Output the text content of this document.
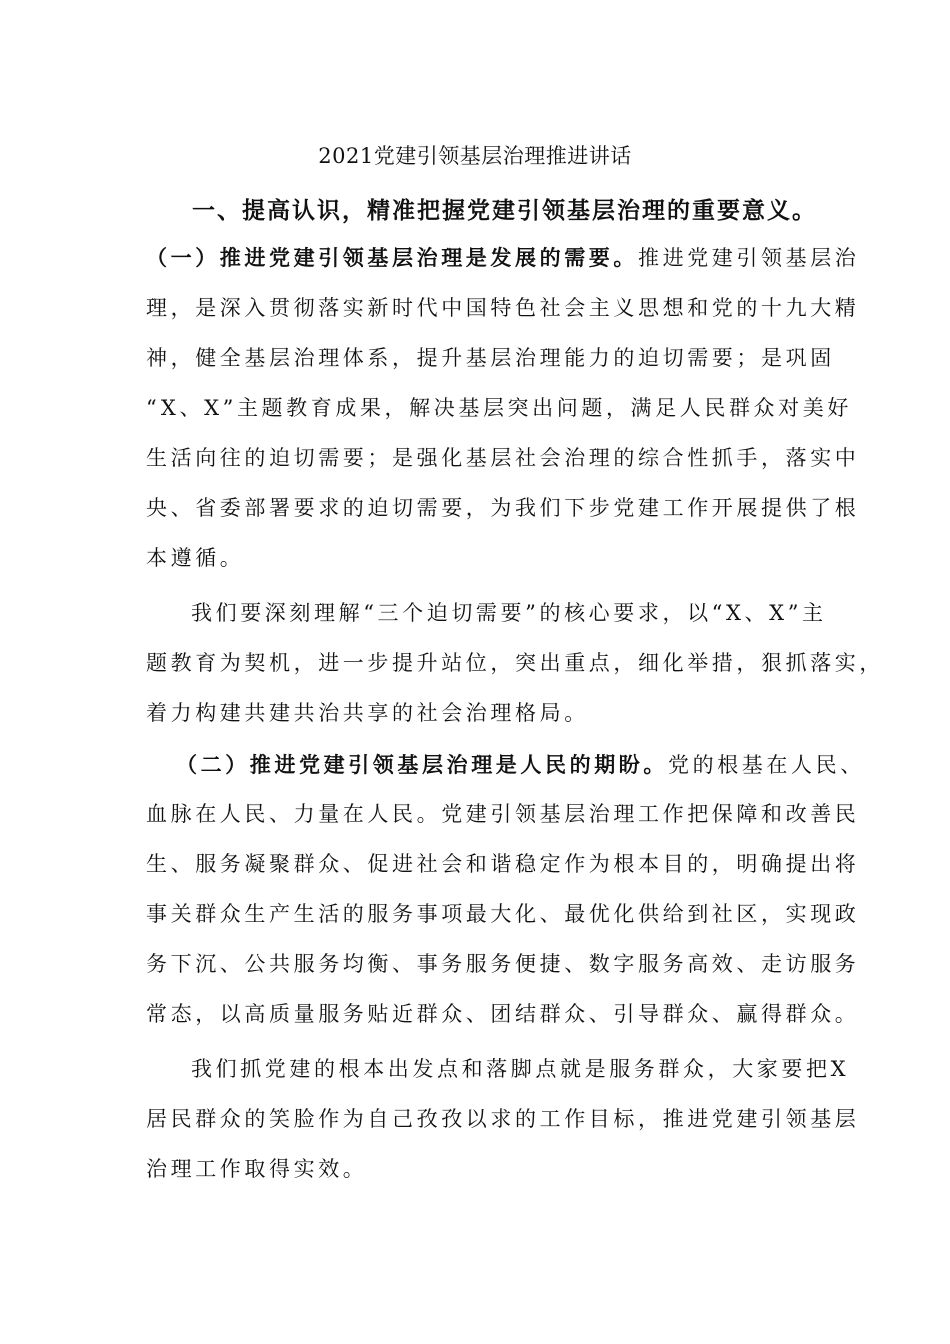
2021党建引领基层治理推进讲话
一、提高认识，精准把握党建引领基层治理的重要意义。
（一）推进党建引领基层治理是发展的需要。推进党建引领基层治
理，是深入贯彻落实新时代中国特色社会主义思想和党的十九大精
神，健全基层治理体系，提升基层治理能力的迫切需要；是巩固
“X、X”主题教育成果，解决基层突出问题，满足人民群众对美好
生活向往的迫切需要；是强化基层社会治理的综合性抓手，落实中
央、省委部署要求的迫切需要，为我们下步党建工作开展提供了根
本遵循。
我们要深刻理解“三个迫切需要”的核心要求，以“X、X”主
题教育为契机，进一步提升站位，突出重点，细化举措，狠抓落实，
着力构建共建共治共享的社会治理格局。
（二）推进党建引领基层治理是人民的期盼。党的根基在人民、
血脉在人民、力量在人民。党建引领基层治理工作把保障和改善民
生、服务凝聚群众、促进社会和谐稳定作为根本目的，明确提出将
事关群众生产生活的服务事项最大化、最优化供给到社区，实现政
务下沉、公共服务均衡、事务服务便捷、数字服务高效、走访服务
常态，以高质量服务贴近群众、团结群众、引导群众、赢得群众。
我们抓党建的根本出发点和落脚点就是服务群众，大家要把X
居民群众的笑脸作为自己孜孜以求的工作目标，推进党建引领基层
治理工作取得实效。
